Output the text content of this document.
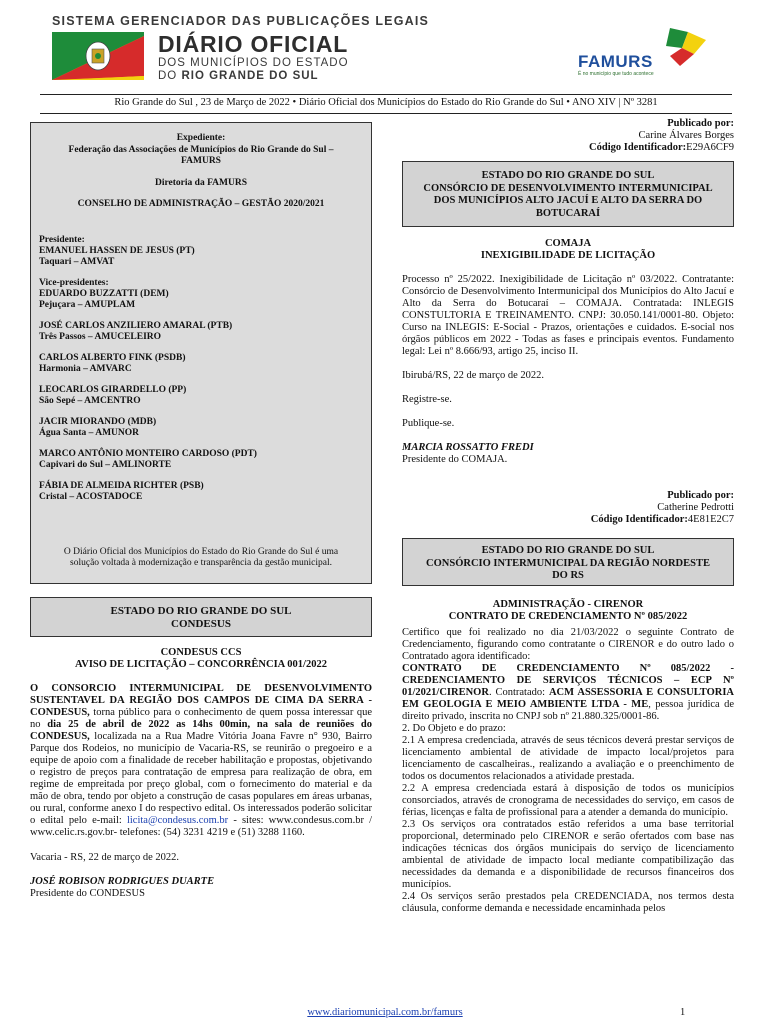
SISTEMA GERENCIADOR DAS PUBLICAÇÕES LEGAIS
DIÁRIO OFICIAL
DOS MUNICÍPIOS DO ESTADO
DO RIO GRANDE DO SUL
FAMURS
É no município que tudo acontece
Rio Grande do Sul , 23 de Março de 2022 • Diário Oficial dos Municípios do Estado do Rio Grande do Sul • ANO XIV | Nº 3281
Expediente:
Federação das Associações de Municípios do Rio Grande do Sul – FAMURS
Diretoria da FAMURS
CONSELHO DE ADMINISTRAÇÃO – GESTÃO 2020/2021
Presidente:
EMANUEL HASSEN DE JESUS (PT)
Taquari – AMVAT
Vice-presidentes:
EDUARDO BUZZATTI (DEM)
Pejuçara – AMUPLAM
JOSÉ CARLOS ANZILIERO AMARAL (PTB)
Três Passos – AMUCELEIRO
CARLOS ALBERTO FINK (PSDB)
Harmonia – AMVARC
LEOCARLOS GIRARDELLO (PP)
São Sepé – AMCENTRO
JACIR MIORANDO (MDB)
Água Santa – AMUNOR
MARCO ANTÔNIO MONTEIRO CARDOSO (PDT)
Capivari do Sul – AMLINORTE
FÁBIA DE ALMEIDA RICHTER (PSB)
Cristal – ACOSTADOCE
O Diário Oficial dos Municípios do Estado do Rio Grande do Sul é uma solução voltada à modernização e transparência da gestão municipal.
ESTADO DO RIO GRANDE DO SUL
CONDESUS
CONDESUS CCS
AVISO DE LICITAÇÃO – CONCORRÊNCIA 001/2022

O CONSORCIO INTERMUNICIPAL DE DESENVOLVIMENTO SUSTENTAVEL DA REGIÃO DOS CAMPOS DE CIMA DA SERRA - CONDESUS, torna público para o conhecimento de quem possa interessar que no dia 25 de abril de 2022 as 14hs 00min, na sala de reuniões do CONDESUS, localizada na a Rua Madre Vitória Joana Favre n° 930, Bairro Parque dos Rodeios, no município de Vacaria-RS, se reunirão o pregoeiro e a equipe de apoio com a finalidade de receber habilitação e propostas, objetivando o registro de preços para contratação de empresa para realização de obra, em regime de empreitada por preço global, com o fornecimento do material e da mão de obra, tendo por objeto a construção de casas populares em áreas urbanas, ou rural, conforme anexo I do respectivo edital. Os interessados poderão solicitar o edital pelo e-mail: licita@condesus.com.br - sites: www.condesus.com.br / www.celic.rs.gov.br- telefones: (54) 3231 4219 e (51) 3288 1160.

Vacaria - RS, 22 de março de 2022.

JOSÉ ROBISON RODRIGUES DUARTE

Presidente do CONDESUS

Publicado por:
Carine Álvares Borges
Código Identificador:E29A6CF9
ESTADO DO RIO GRANDE DO SUL
CONSÓRCIO DE DESENVOLVIMENTO INTERMUNICIPAL
DOS MUNICÍPIOS ALTO JACUÍ E ALTO DA SERRA DO
BOTUCARAÍ
COMAJA
INEXIGIBILIDADE DE LICITAÇÃO

Processo nº 25/2022. Inexigibilidade de Licitação nº 03/2022. Contratante: Consórcio de Desenvolvimento Intermunicipal dos Municípios do Alto Jacuí e Alto da Serra do Botucaraí – COMAJA. Contratada: INLEGIS CONSTULTORIA E TREINAMENTO. CNPJ: 30.050.141/0001-80. Objeto: Curso na INLEGIS: E-Social - Prazos, orientações e cuidados. E-social nos órgãos públicos em 2022 - Todas as fases e principais eventos. Fundamento legal: Lei nº 8.666/93, artigo 25, inciso II.

Ibirubá/RS, 22 de março de 2022.

Registre-se.

Publique-se.

MARCIA ROSSATTO FREDI

Presidente do COMAJA.

Publicado por:
Catherine Pedrotti
Código Identificador:4E81E2C7
ESTADO DO RIO GRANDE DO SUL
CONSÓRCIO INTERMUNICIPAL DA REGIÃO NORDESTE
DO RS
ADMINISTRAÇÃO - CIRENOR
CONTRATO DE CREDENCIAMENTO Nº 085/2022

Certifico que foi realizado no dia 21/03/2022 o seguinte Contrato de Credenciamento, figurando como contratante o CIRENOR e do outro lado o Contratado agora identificado:

CONTRATO DE CREDENCIAMENTO Nº 085/2022 - CREDENCIAMENTO DE SERVIÇOS TÉCNICOS – ECP Nº 01/2021/CIRENOR. Contratado: ACM ASSESSORIA E CONSULTORIA EM GEOLOGIA E MEIO AMBIENTE LTDA - ME, pessoa jurídica de direito privado, inscrita no CNPJ sob nº 21.880.325/0001-86.

2. Do Objeto e do prazo:

2.1 A empresa credenciada, através de seus técnicos deverá prestar serviços de licenciamento ambiental de atividade de impacto local/projetos para licenciamento de cascalheiras., realizando a avaliação e o preenchimento de todos os documentos relacionados a atividade prestada.

2.2 A empresa credenciada estará à disposição de todos os municípios consorciados, através de cronograma de necessidades do serviço, em casos de férias, licenças e falta de profissional para a atender a demanda do município.

2.3 Os serviços ora contratados estão referidos a uma base territorial proporcional, determinado pelo CIRENOR e serão ofertados com base nas indicações técnicas dos órgãos municipais do serviço de licenciamento ambiental de atividade de impacto local mediante compatibilização das necessidades da demanda e a disponibilidade de recursos financeiros dos municípios.

2.4 Os serviços serão prestados pela CREDENCIADA, nos termos desta cláusula, conforme demanda e necessidade encaminhada pelos

www.diariomunicipal.com.br/famurs	1
